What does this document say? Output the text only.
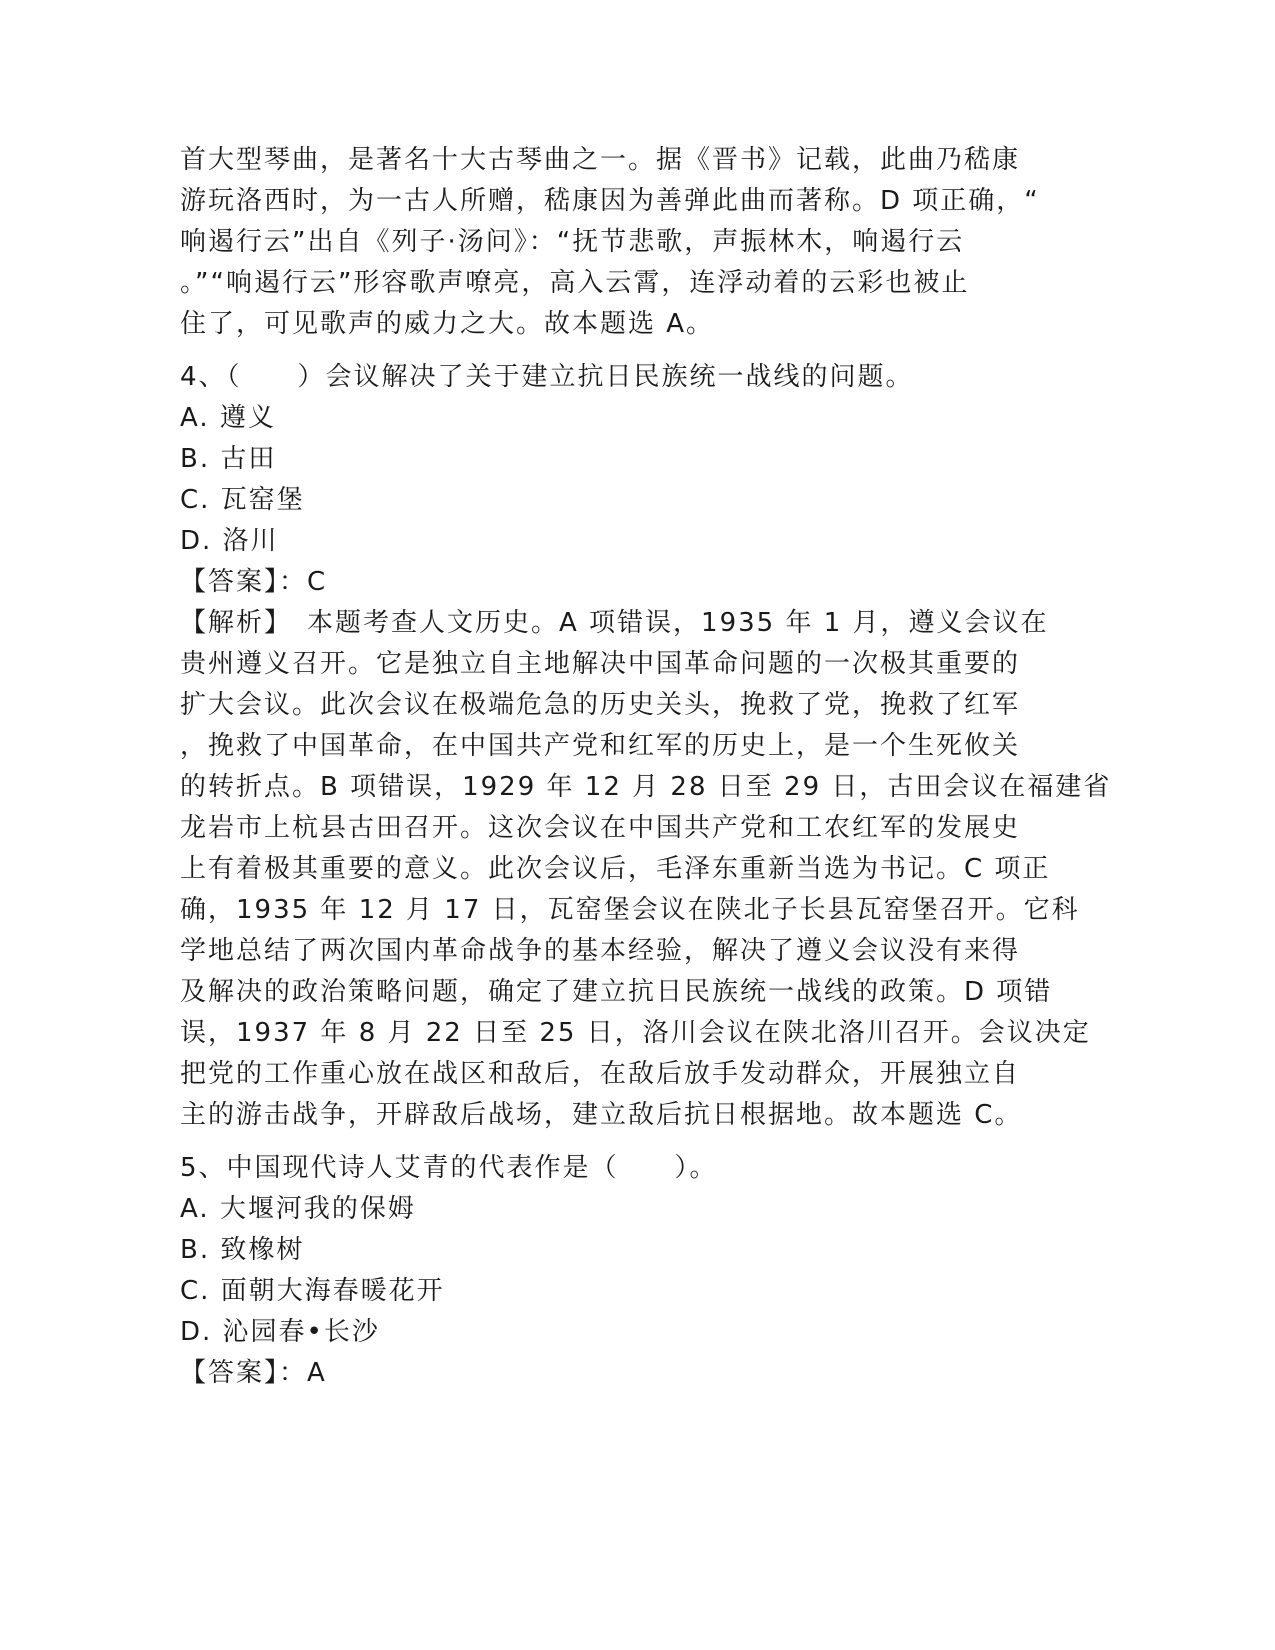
首大型琴曲，是著名十大古琴曲之一。据《晋书》记载，此曲乃嵇康
游玩洛西时，为一古人所赠，嵇康因为善弹此曲而著称。D 项正确，“
响遏行云”出自《列子·汤问》：“抚节悲歌，声振林木，响遏行云
。”“响遏行云”形容歌声嘹亮，高入云霄，连浮动着的云彩也被止
住了，可见歌声的威力之大。故本题选 A。
4、（　　）会议解决了关于建立抗日民族统一战线的问题。
A. 遵义
B. 古田
C. 瓦窑堡
D. 洛川
【答案】：C
【解析】　本题考查人文历史。A 项错误，1935 年 1 月，遵义会议在
贵州遵义召开。它是独立自主地解决中国革命问题的一次极其重要的
扩大会议。此次会议在极端危急的历史关头，挽救了党，挽救了红军
，挽救了中国革命，在中国共产党和红军的历史上，是一个生死攸关
的转折点。B 项错误，1929 年 12 月 28 日至 29 日，古田会议在福建省
龙岩市上杭县古田召开。这次会议在中国共产党和工农红军的发展史
上有着极其重要的意义。此次会议后，毛泽东重新当选为书记。C 项正
确，1935 年 12 月 17 日，瓦窑堡会议在陕北子长县瓦窑堡召开。它科
学地总结了两次国内革命战争的基本经验，解决了遵义会议没有来得
及解决的政治策略问题，确定了建立抗日民族统一战线的政策。D 项错
误，1937 年 8 月 22 日至 25 日，洛川会议在陕北洛川召开。会议决定
把党的工作重心放在战区和敌后，在敌后放手发动群众，开展独立自
主的游击战争，开辟敌后战场，建立敌后抗日根据地。故本题选 C。
5、中国现代诗人艾青的代表作是（　　）。
A. 大堰河我的保姆
B. 致橡树
C. 面朝大海春暖花开
D. 沁园春•长沙
【答案】：A
